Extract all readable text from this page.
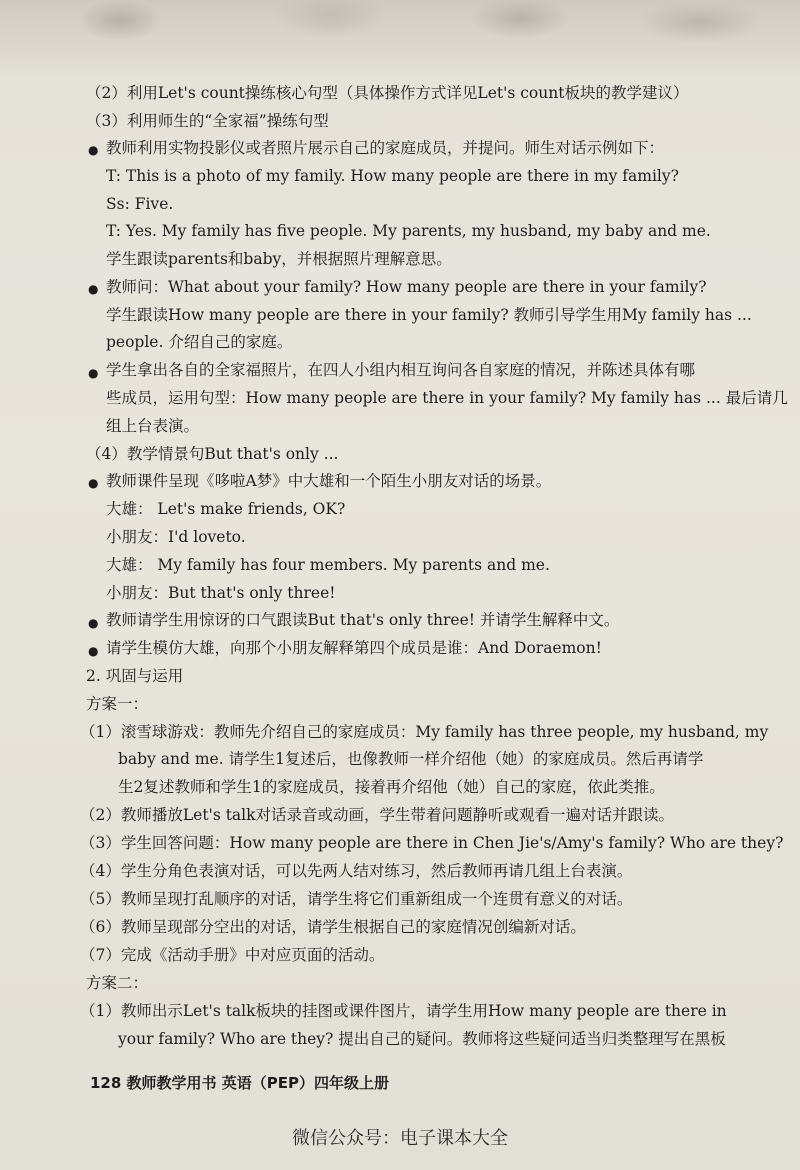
（2）利用Let's count操练核心句型（具体操作方式详见Let's count板块的教学建议）
（3）利用师生的“全家福”操练句型
● 教师利用实物投影仪或者照片展示自己的家庭成员，并提问。师生对话示例如下：
T: This is a photo of my family. How many people are there in my family?
Ss: Five.
T: Yes. My family has five people. My parents, my husband, my baby and me.
学生跟读parents和baby，并根据照片理解意思。
● 教师问：What about your family? How many people are there in your family?
学生跟读How many people are there in your family? 教师引导学生用My family has ...
people. 介绍自己的家庭。
● 学生拿出各自的全家福照片，在四人小组内相互询问各自家庭的情况，并陈述具体有哪
些成员，运用句型：How many people are there in your family? My family has ... 最后请几
组上台表演。
（4）教学情景句But that's only ...
● 教师课件呈现《哆啦A梦》中大雄和一个陌生小朋友对话的场景。
大雄： Let's make friends, OK?
小朋友：I'd loveto.
大雄： My family has four members. My parents and me.
小朋友：But that's only three!
● 教师请学生用惊讶的口气跟读But that's only three! 并请学生解释中文。
● 请学生模仿大雄，向那个小朋友解释第四个成员是谁：And Doraemon!
2. 巩固与运用
方案一：
（1）滚雪球游戏：教师先介绍自己的家庭成员：My family has three people, my husband, my
baby and me. 请学生1复述后，也像教师一样介绍他（她）的家庭成员。然后再请学
生2复述教师和学生1的家庭成员，接着再介绍他（她）自己的家庭，依此类推。
（2）教师播放Let's talk对话录音或动画，学生带着问题静听或观看一遍对话并跟读。
（3）学生回答问题：How many people are there in Chen Jie's/Amy's family? Who are they?
（4）学生分角色表演对话，可以先两人结对练习，然后教师再请几组上台表演。
（5）教师呈现打乱顺序的对话，请学生将它们重新组成一个连贯有意义的对话。
（6）教师呈现部分空出的对话，请学生根据自己的家庭情况创编新对话。
（7）完成《活动手册》中对应页面的活动。
方案二：
（1）教师出示Let's talk板块的挂图或课件图片，请学生用How many people are there in
your family? Who are they? 提出自己的疑问。教师将这些疑问适当归类整理写在黑板
128 教师教学用书 英语（PEP）四年级上册
微信公众号：电子课本大全
